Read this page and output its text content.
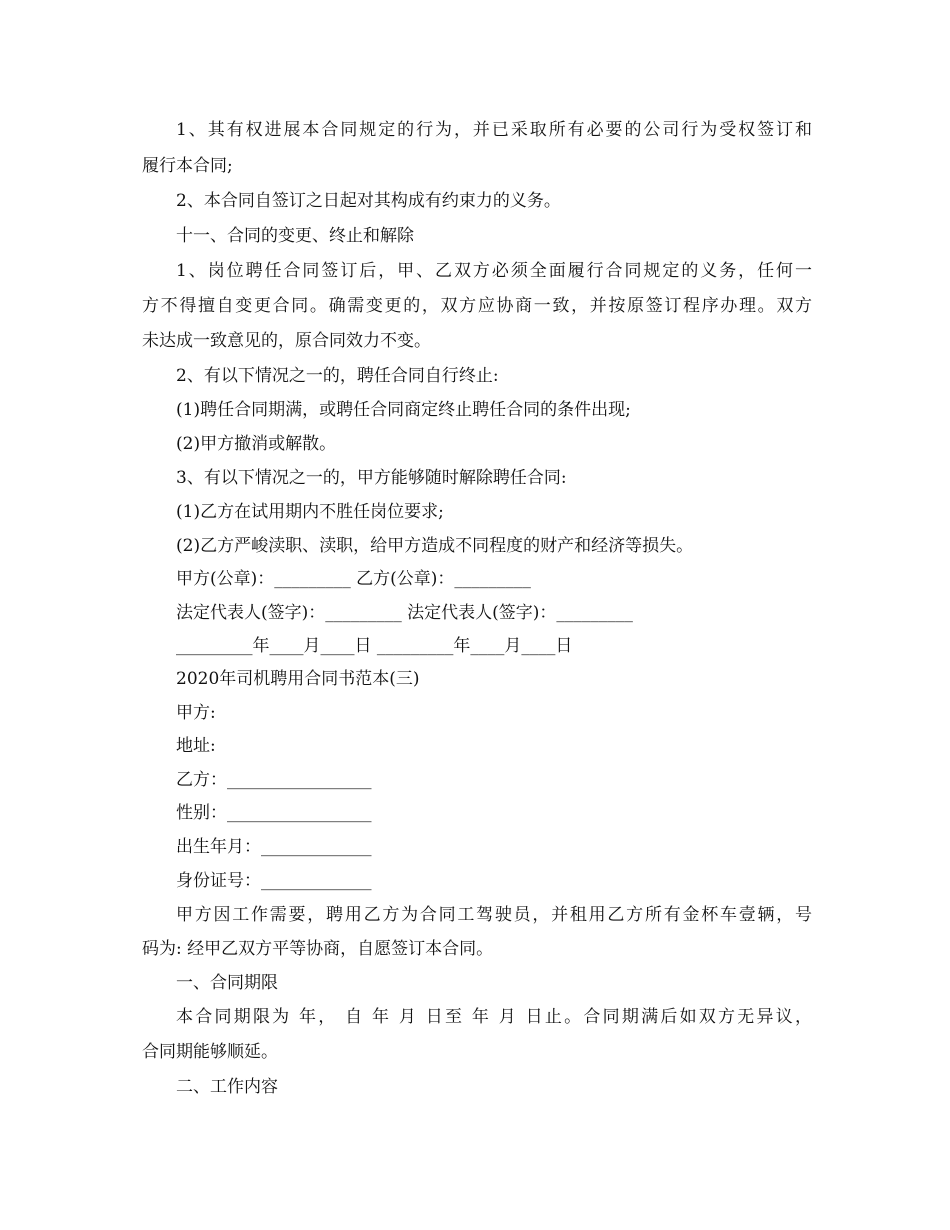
1、其有权进展本合同规定的行为，并已采取所有必要的公司行为受权签订和
履行本合同;
2、本合同自签订之日起对其构成有约束力的义务。
十一、合同的变更、终止和解除
1、岗位聘任合同签订后，甲、乙双方必须全面履行合同规定的义务，任何一
方不得擅自变更合同。确需变更的，双方应协商一致，并按原签订程序办理。双方
未达成一致意见的，原合同效力不变。
2、有以下情况之一的，聘任合同自行终止:
(1)聘任合同期满，或聘任合同商定终止聘任合同的条件出现;
(2)甲方撤消或解散。
3、有以下情况之一的，甲方能够随时解除聘任合同:
(1)乙方在试用期内不胜任岗位要求;
(2)乙方严峻渎职、渎职，给甲方造成不同程度的财产和经济等损失。
甲方(公章)：_________ 乙方(公章)：_________
法定代表人(签字)：_________ 法定代表人(签字)：_________
_________年____月____日 _________年____月____日
2020年司机聘用合同书范本(三)
甲方:
地址:
乙方：_________________
性别：_________________
出生年月：_____________
身份证号：_____________
甲方因工作需要，聘用乙方为合同工驾驶员，并租用乙方所有金杯车壹辆，号
码为: 经甲乙双方平等协商，自愿签订本合同。
一、合同期限
本合同期限为 年， 自 年 月 日至 年 月 日止。合同期满后如双方无异议，
合同期能够顺延。
二、工作内容
